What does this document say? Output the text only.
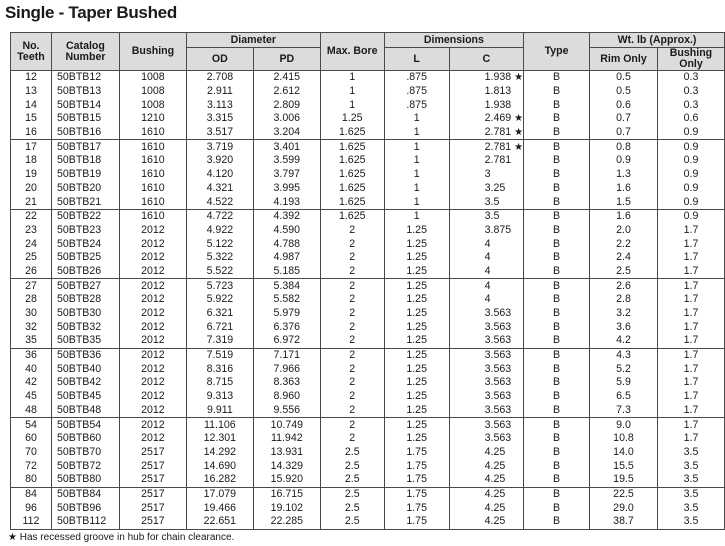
Single - Taper Bushed
No. Teeth	Catalog Number	Bushing	Diameter		Max. Bore	Dimensions		Type	Wt. lb (Approx.)	
			OD	PD		L	C		Rim Only	Bushing Only
12	50BTB12	1008	2.708	2.415	1	.875	1.938 ★	B	0.5	0.3
13	50BTB13	1008	2.911	2.612	1	.875	1.813	B	0.5	0.3
14	50BTB14	1008	3.113	2.809	1	.875	1.938	B	0.6	0.3
15	50BTB15	1210	3.315	3.006	1.25	1	2.469 ★	B	0.7	0.6
16	50BTB16	1610	3.517	3.204	1.625	1	2.781 ★	B	0.7	0.9
17	50BTB17	1610	3.719	3.401	1.625	1	2.781 ★	B	0.8	0.9
18	50BTB18	1610	3.920	3.599	1.625	1	2.781	B	0.9	0.9
19	50BTB19	1610	4.120	3.797	1.625	1	3	B	1.3	0.9
20	50BTB20	1610	4.321	3.995	1.625	1	3.25	B	1.6	0.9
21	50BTB21	1610	4.522	4.193	1.625	1	3.5	B	1.5	0.9
22	50BTB22	1610	4.722	4.392	1.625	1	3.5	B	1.6	0.9
23	50BTB23	2012	4.922	4.590	2	1.25	3.875	B	2.0	1.7
24	50BTB24	2012	5.122	4.788	2	1.25	4	B	2.2	1.7
25	50BTB25	2012	5.322	4.987	2	1.25	4	B	2.4	1.7
26	50BTB26	2012	5.522	5.185	2	1.25	4	B	2.5	1.7
27	50BTB27	2012	5.723	5.384	2	1.25	4	B	2.6	1.7
28	50BTB28	2012	5.922	5.582	2	1.25	4	B	2.8	1.7
30	50BTB30	2012	6.321	5.979	2	1.25	3.563	B	3.2	1.7
32	50BTB32	2012	6.721	6.376	2	1.25	3.563	B	3.6	1.7
35	50BTB35	2012	7.319	6.972	2	1.25	3.563	B	4.2	1.7
36	50BTB36	2012	7.519	7.171	2	1.25	3.563	B	4.3	1.7
40	50BTB40	2012	8.316	7.966	2	1.25	3.563	B	5.2	1.7
42	50BTB42	2012	8.715	8.363	2	1.25	3.563	B	5.9	1.7
45	50BTB45	2012	9.313	8.960	2	1.25	3.563	B	6.5	1.7
48	50BTB48	2012	9.911	9.556	2	1.25	3.563	B	7.3	1.7
54	50BTB54	2012	11.106	10.749	2	1.25	3.563	B	9.0	1.7
60	50BTB60	2012	12.301	11.942	2	1.25	3.563	B	10.8	1.7
70	50BTB70	2517	14.292	13.931	2.5	1.75	4.25	B	14.0	3.5
72	50BTB72	2517	14.690	14.329	2.5	1.75	4.25	B	15.5	3.5
80	50BTB80	2517	16.282	15.920	2.5	1.75	4.25	B	19.5	3.5
84	50BTB84	2517	17.079	16.715	2.5	1.75	4.25	B	22.5	3.5
96	50BTB96	2517	19.466	19.102	2.5	1.75	4.25	B	29.0	3.5
112	50BTB112	2517	22.651	22.285	2.5	1.75	4.25	B	38.7	3.5
★ Has recessed groove in hub for chain clearance.
